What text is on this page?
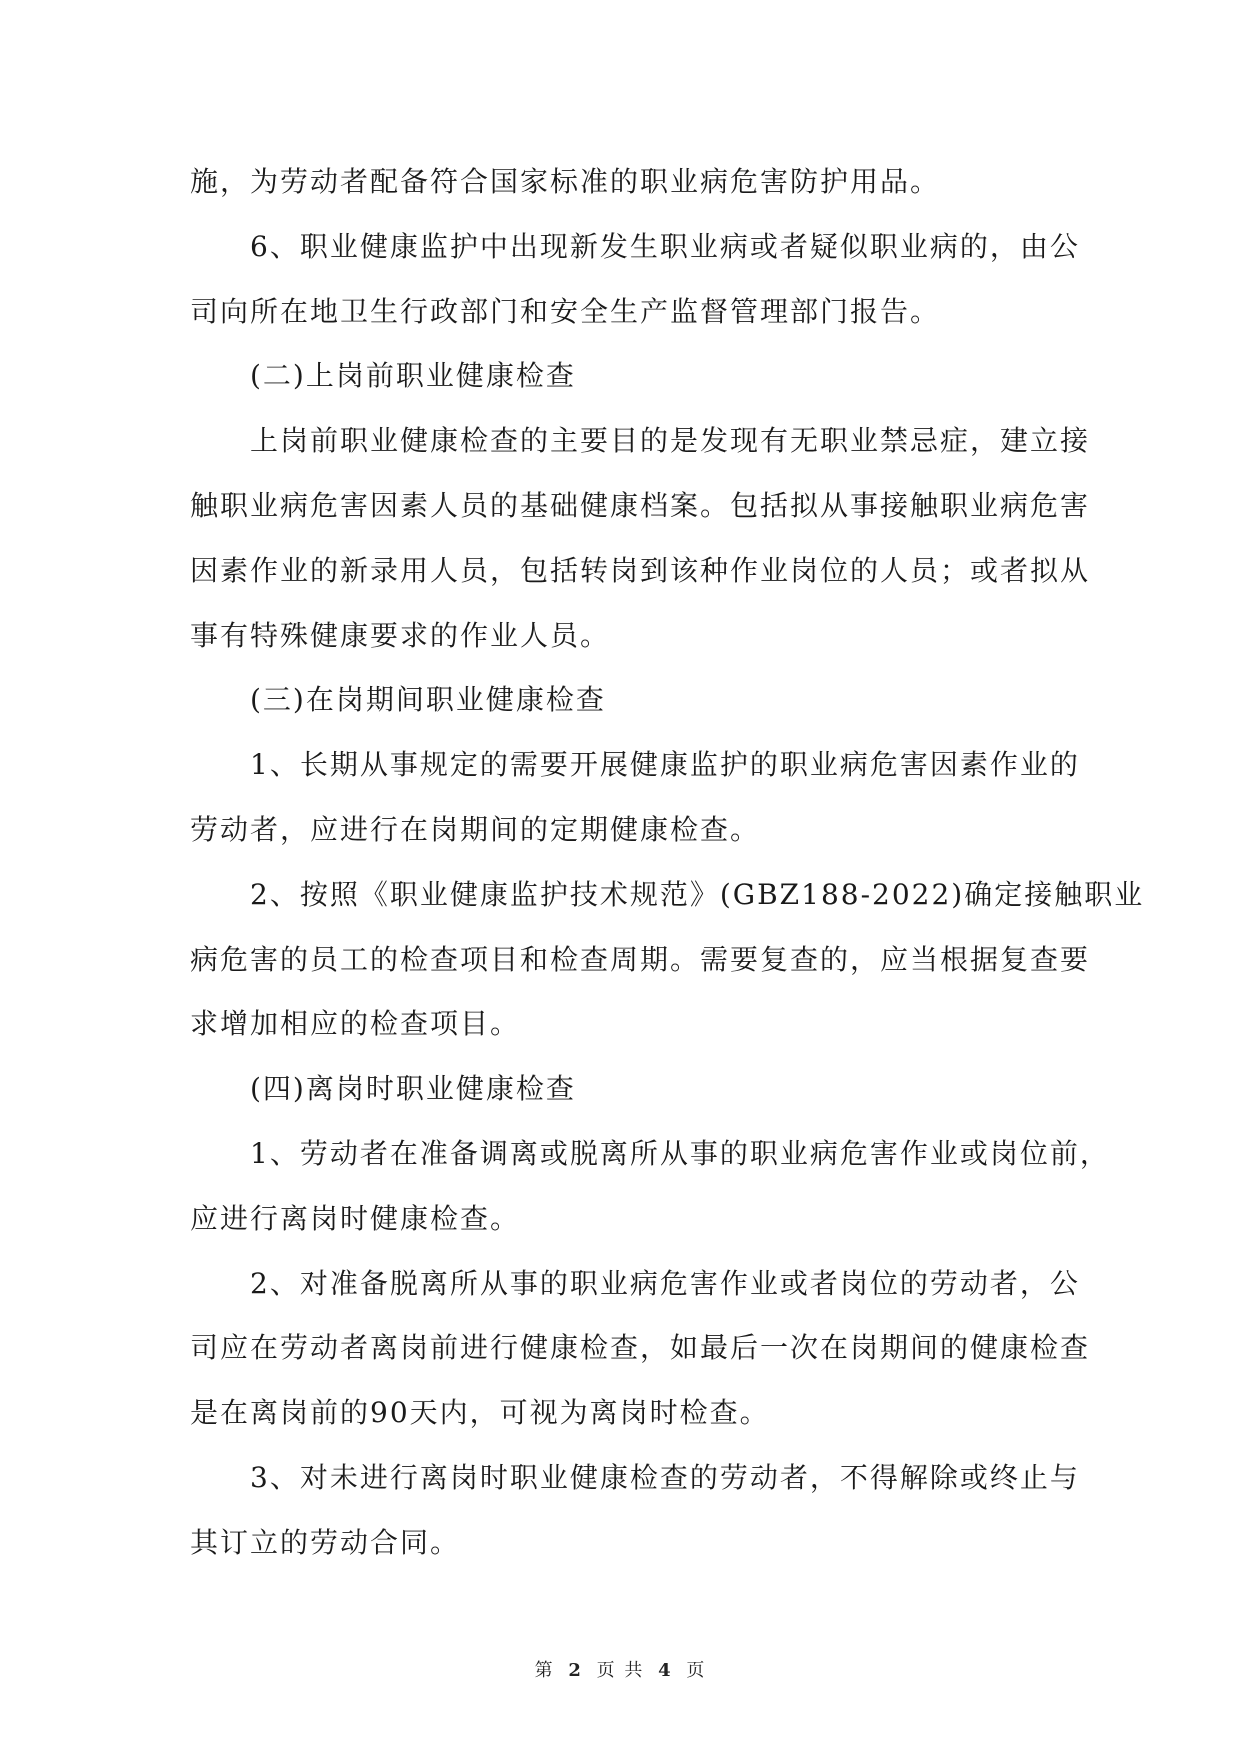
施，为劳动者配备符合国家标准的职业病危害防护用品。

6、职业健康监护中出现新发生职业病或者疑似职业病的，由公
司向所在地卫生行政部门和安全生产监督管理部门报告。

(二)上岗前职业健康检查

上岗前职业健康检查的主要目的是发现有无职业禁忌症，建立接
触职业病危害因素人员的基础健康档案。包括拟从事接触职业病危害
因素作业的新录用人员，包括转岗到该种作业岗位的人员；或者拟从
事有特殊健康要求的作业人员。

(三)在岗期间职业健康检查

1、长期从事规定的需要开展健康监护的职业病危害因素作业的
劳动者，应进行在岗期间的定期健康检查。

2、按照《职业健康监护技术规范》(GBZ188-2022)确定接触职业
病危害的员工的检查项目和检查周期。需要复查的，应当根据复查要
求增加相应的检查项目。

(四)离岗时职业健康检查

1、劳动者在准备调离或脱离所从事的职业病危害作业或岗位前，
应进行离岗时健康检查。

2、对准备脱离所从事的职业病危害作业或者岗位的劳动者，公
司应在劳动者离岗前进行健康检查，如最后一次在岗期间的健康检查
是在离岗前的90天内，可视为离岗时检查。

3、对未进行离岗时职业健康检查的劳动者，不得解除或终止与
其订立的劳动合同。

第 2 页 共 4 页
